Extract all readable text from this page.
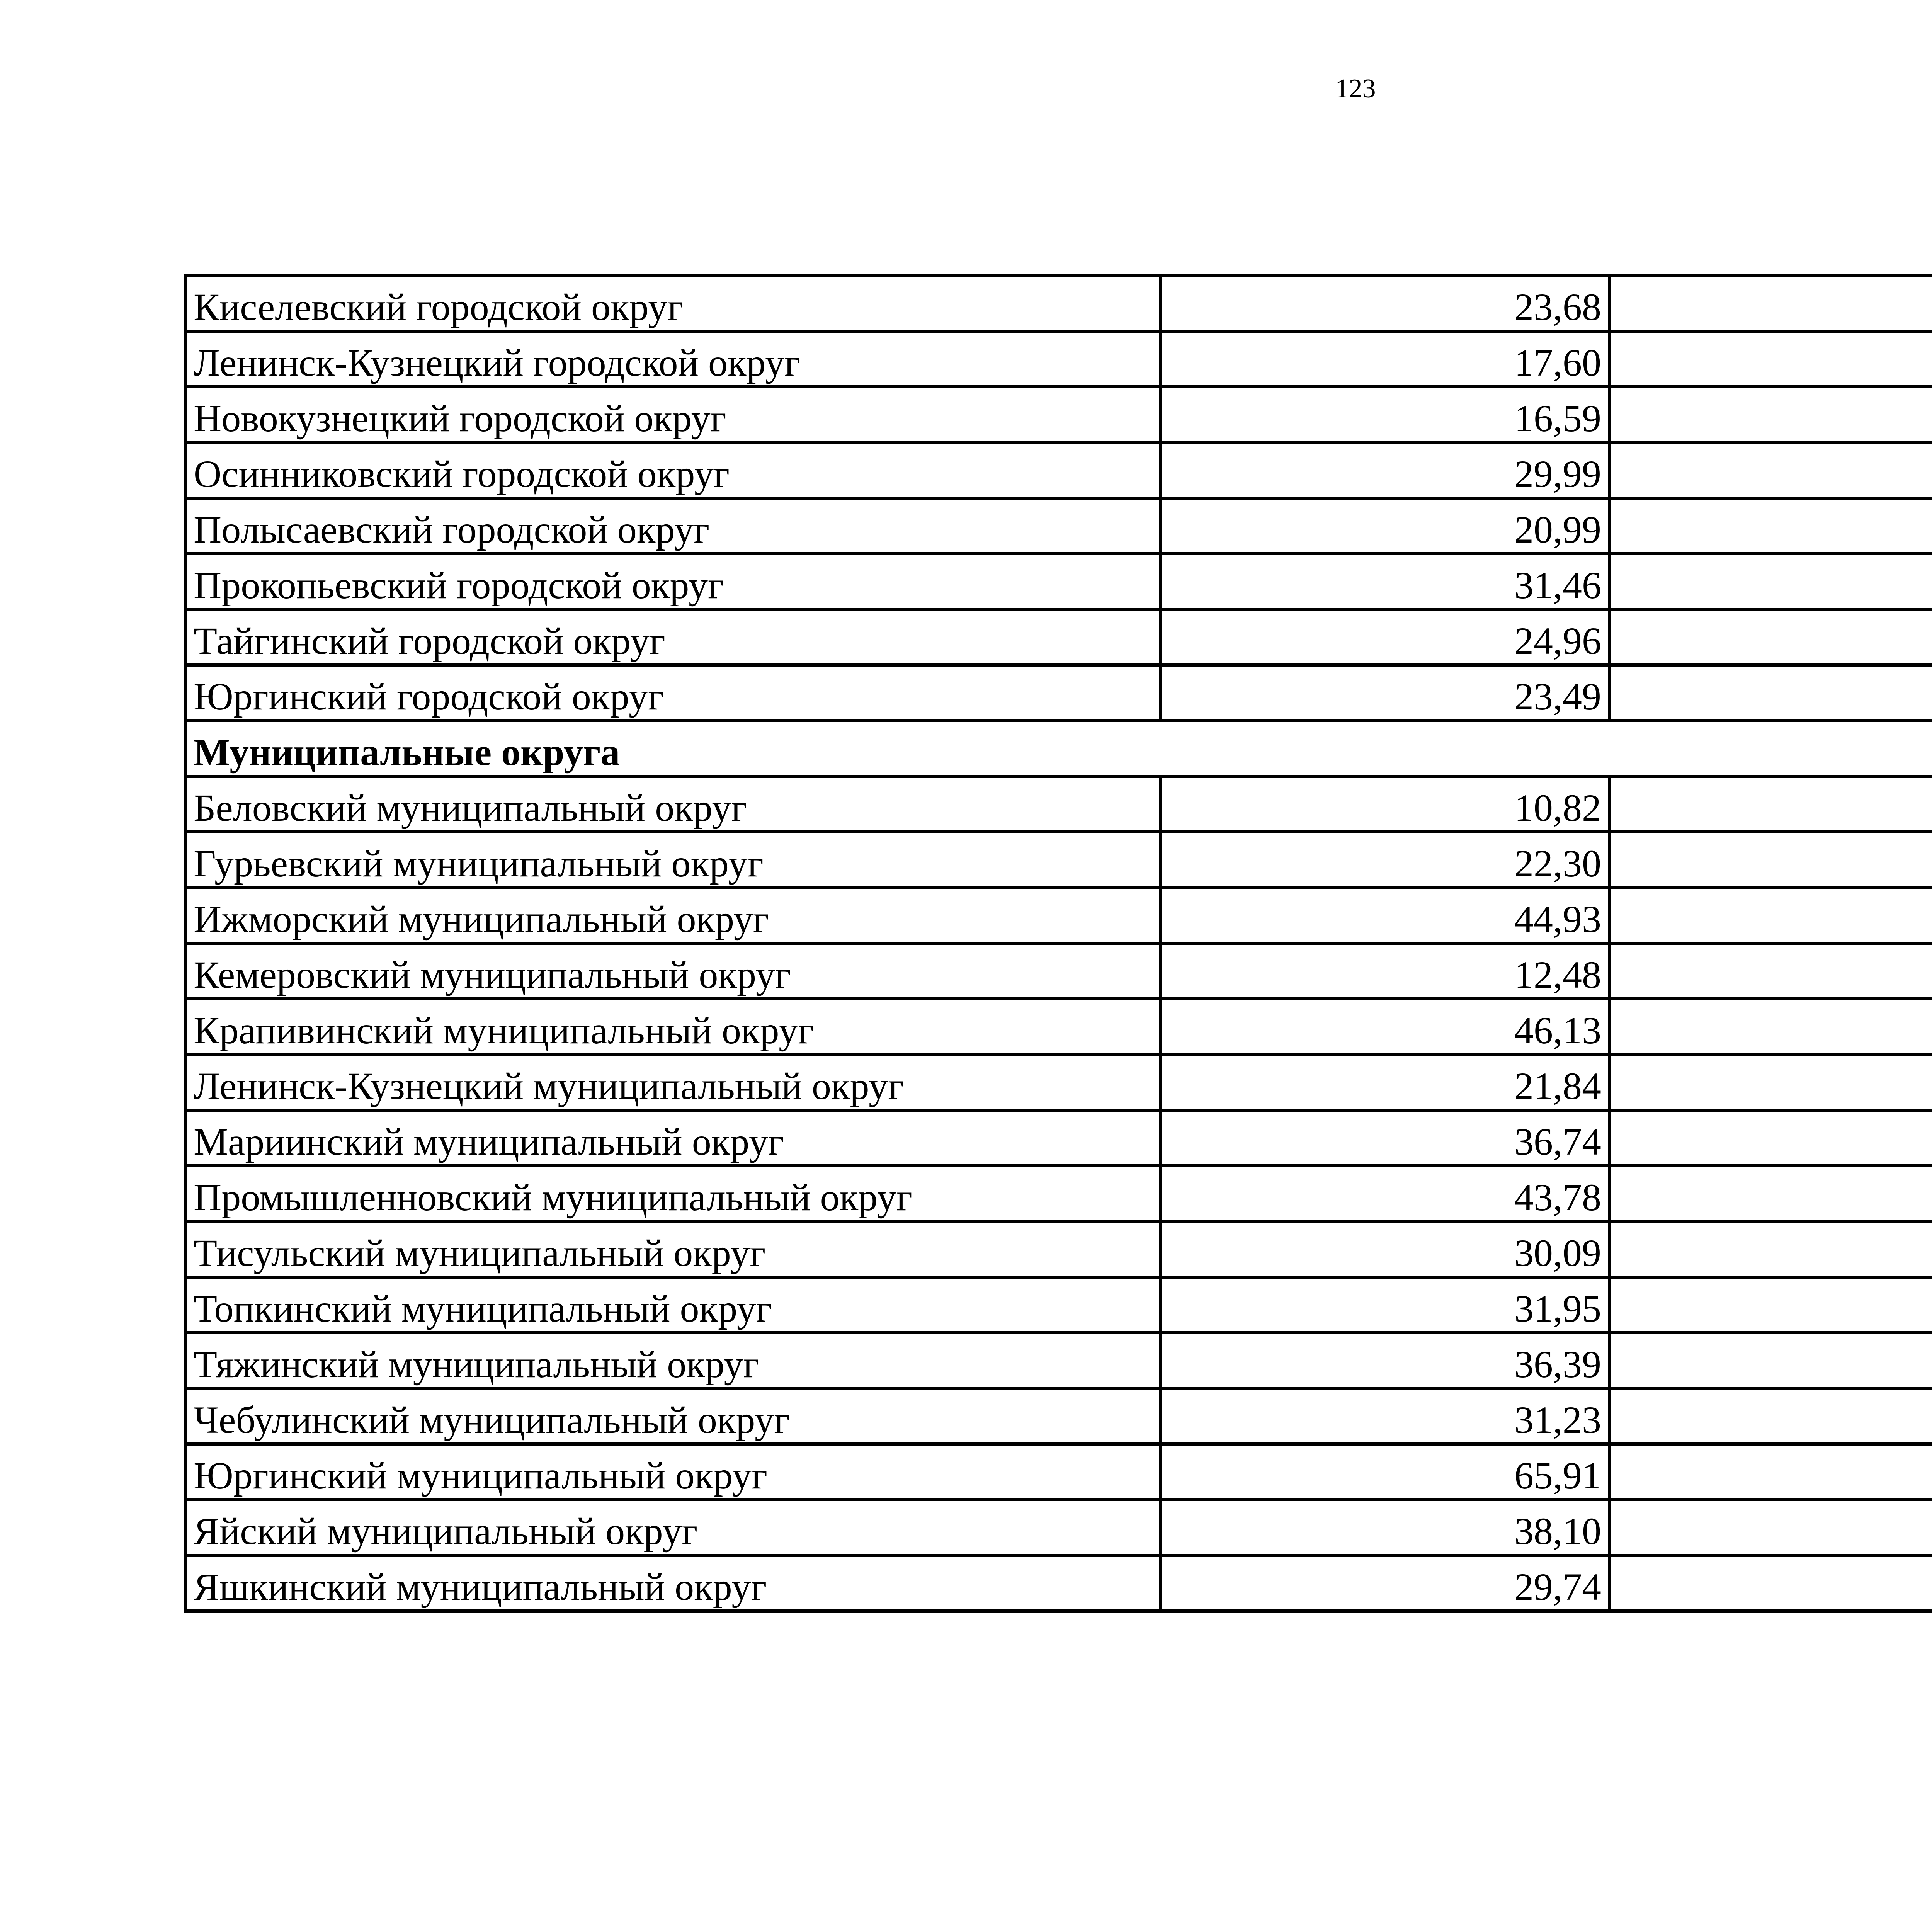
123
Киселевский городской округ	23,68		
Ленинск-Кузнецкий городской округ	17,60		
Новокузнецкий городской округ	16,59		
Осинниковский городской округ	29,99		
Полысаевский городской округ	20,99		
Прокопьевский городской округ	31,46		
Тайгинский городской округ	24,96		
Юргинский городской округ	23,49		
Муниципальные округа			
Беловский муниципальный округ	10,82		
Гурьевский муниципальный округ	22,30		
Ижморский муниципальный округ	44,93		
Кемеровский муниципальный округ	12,48		
Крапивинский муниципальный округ	46,13		
Ленинск-Кузнецкий муниципальный округ	21,84		
Мариинский муниципальный округ	36,74		
Промышленновский муниципальный округ	43,78		
Тисульский муниципальный округ	30,09		
Топкинский муниципальный округ	31,95		
Тяжинский муниципальный округ	36,39		
Чебулинский муниципальный округ	31,23		
Юргинский муниципальный округ	65,91		
Яйский муниципальный округ	38,10		
Яшкинский муниципальный округ	29,74		
